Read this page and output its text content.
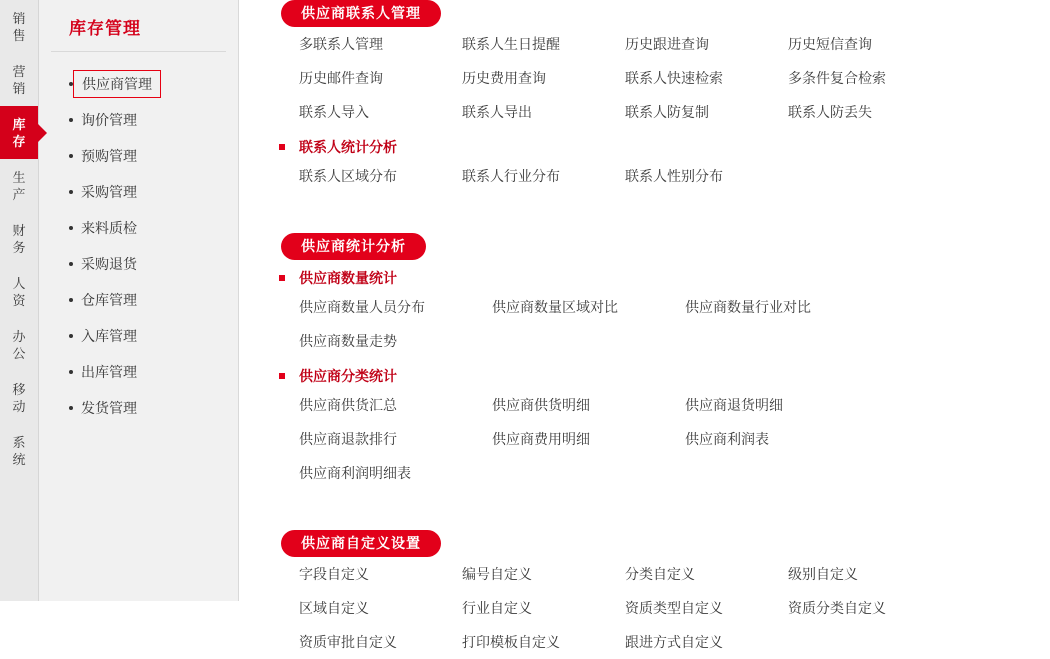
销
售
营
销
库
存
生
产
财
务
人
资
办
公
移
动
系
统
库存管理
供应商管理
询价管理
预购管理
采购管理
来料质检
采购退货
仓库管理
入库管理
出库管理
发货管理
供应商联系人管理
多联系人管理	联系人生日提醒	历史跟进查询	历史短信查询
历史邮件查询	历史费用查询	联系人快速检索	多条件复合检索
联系人导入	联系人导出	联系人防复制	联系人防丢失
联系人统计分析
联系人区域分布	联系人行业分布	联系人性别分布
供应商统计分析
供应商数量统计
供应商数量人员分布	供应商数量区域对比	供应商数量行业对比
供应商数量走势
供应商分类统计
供应商供货汇总	供应商供货明细	供应商退货明细
供应商退款排行	供应商费用明细	供应商利润表
供应商利润明细表
供应商自定义设置
字段自定义	编号自定义	分类自定义	级别自定义
区域自定义	行业自定义	资质类型自定义	资质分类自定义
资质审批自定义	打印模板自定义	跟进方式自定义
